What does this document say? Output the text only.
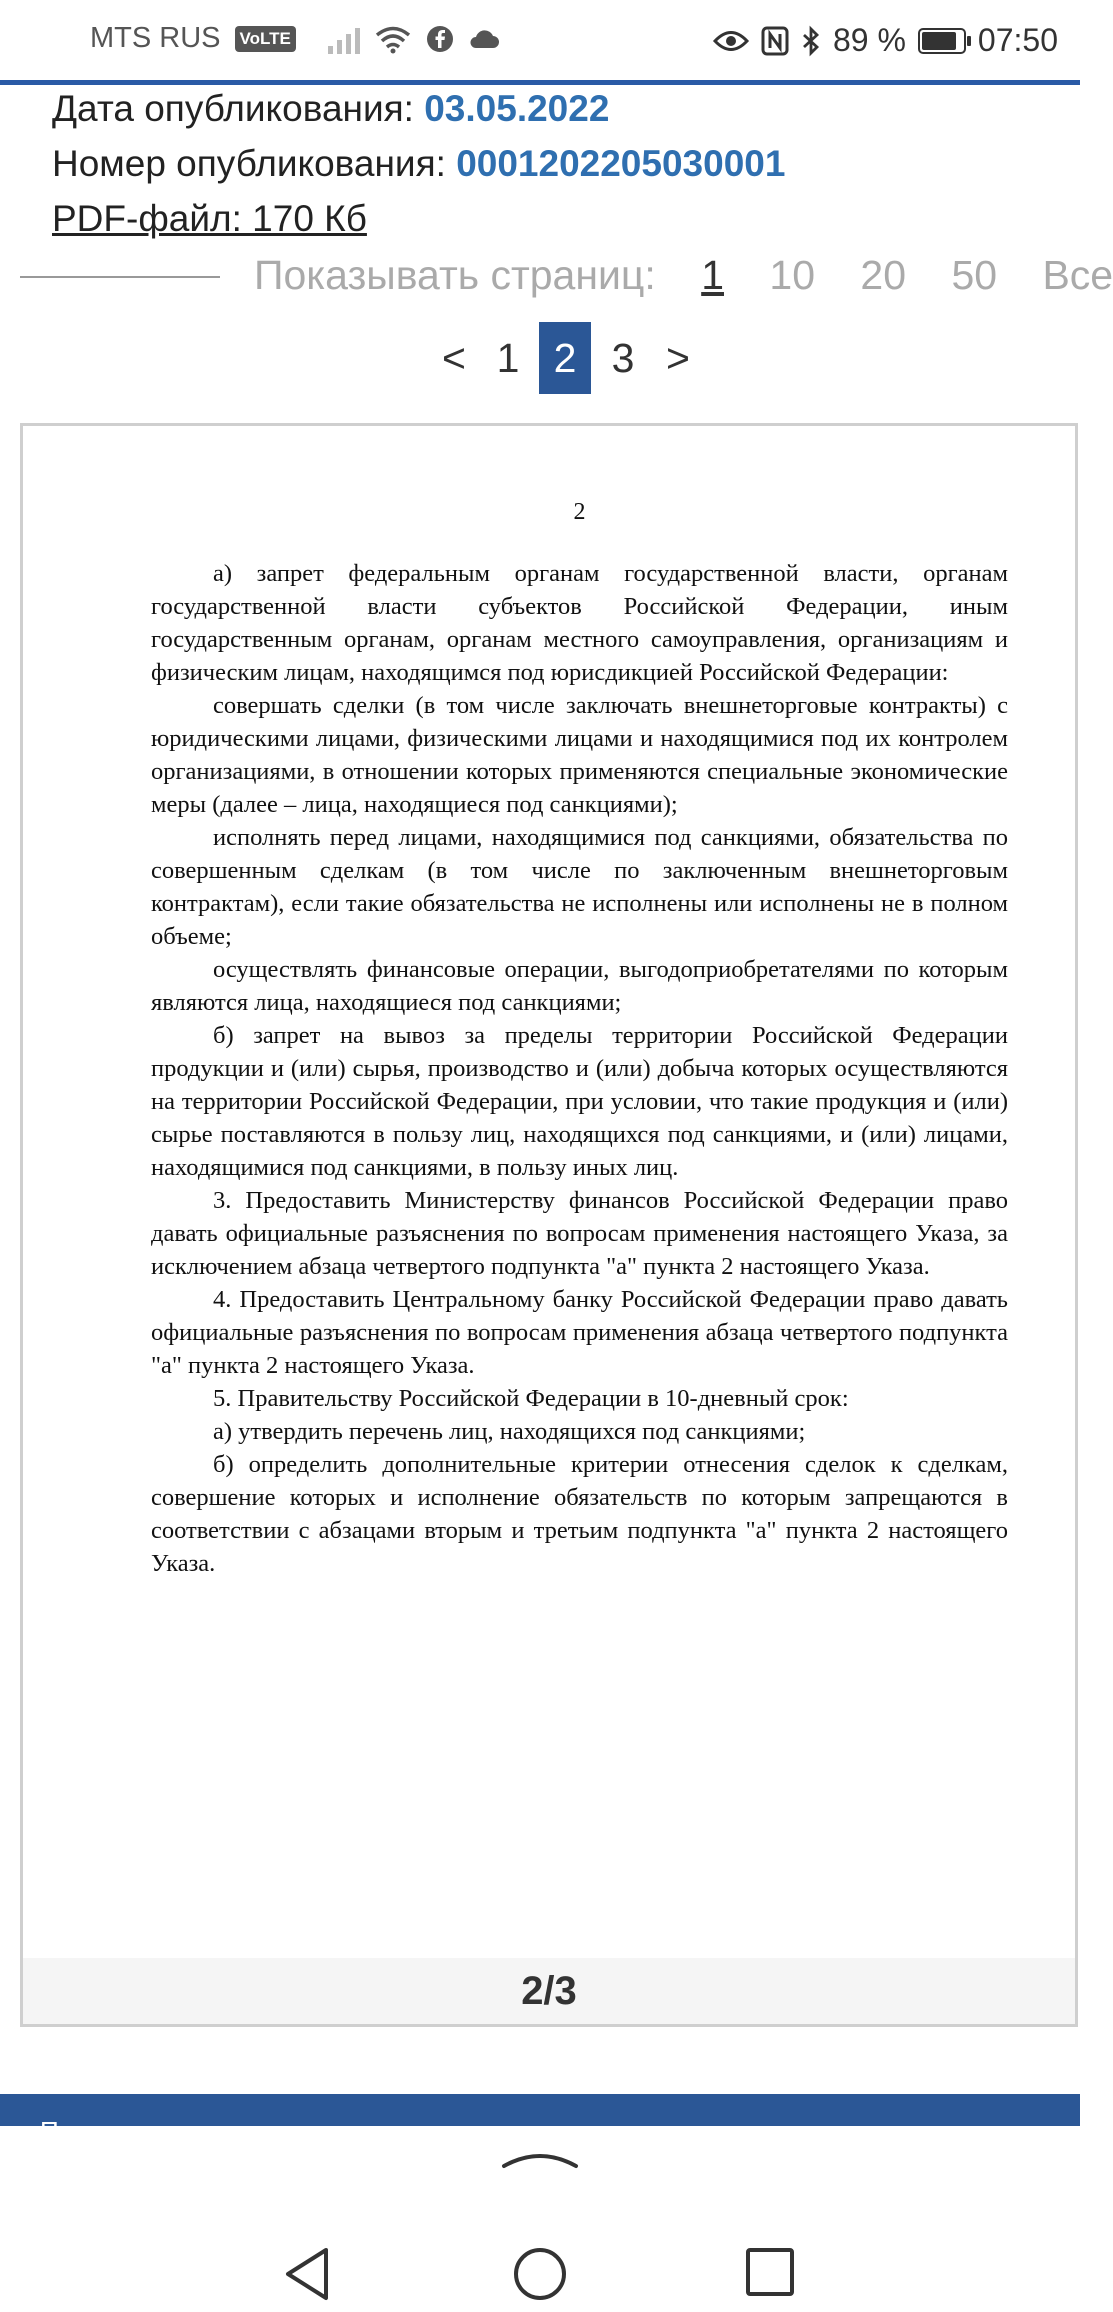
MTS RUS VoLTE	89 % 07:50
Дата опубликования: 03.05.2022
Номер опубликования: 0001202205030001
PDF-файл: 170 Кб
Показывать страниц: 1 10 20 50 Все
< 1 2 3 >
2

а) запрет федеральным органам государственной власти, органам государственной власти субъектов Российской Федерации, иным государственным органам, органам местного самоуправления, организациям и физическим лицам, находящимся под юрисдикцией Российской Федерации:

совершать сделки (в том числе заключать внешнеторговые контракты) с юридическими лицами, физическими лицами и находящимися под их контролем организациями, в отношении которых применяются специальные экономические меры (далее – лица, находящиеся под санкциями);

исполнять перед лицами, находящимися под санкциями, обязательства по совершенным сделкам (в том числе по заключенным внешнеторговым контрактам), если такие обязательства не исполнены или исполнены не в полном объеме;

осуществлять финансовые операции, выгодоприобретателями по которым являются лица, находящиеся под санкциями;

б) запрет на вывоз за пределы территории Российской Федерации продукции и (или) сырья, производство и (или) добыча которых осуществляются на территории Российской Федерации, при условии, что такие продукция и (или) сырье поставляются в пользу лиц, находящихся под санкциями, и (или) лицами, находящимися под санкциями, в пользу иных лиц.

3. Предоставить Министерству финансов Российской Федерации право давать официальные разъяснения по вопросам применения настоящего Указа, за исключением абзаца четвертого подпункта "а" пункта 2 настоящего Указа.

4. Предоставить Центральному банку Российской Федерации право давать официальные разъяснения по вопросам применения абзаца четвертого подпункта "а" пункта 2 настоящего Указа.

5. Правительству Российской Федерации в 10-дневный срок:

а) утвердить перечень лиц, находящихся под санкциями;

б) определить дополнительные критерии отнесения сделок к сделкам, совершение которых и исполнение обязательств по которым запрещаются в соответствии с абзацами вторым и третьим подпункта "а" пункта 2 настоящего Указа.

2/3
